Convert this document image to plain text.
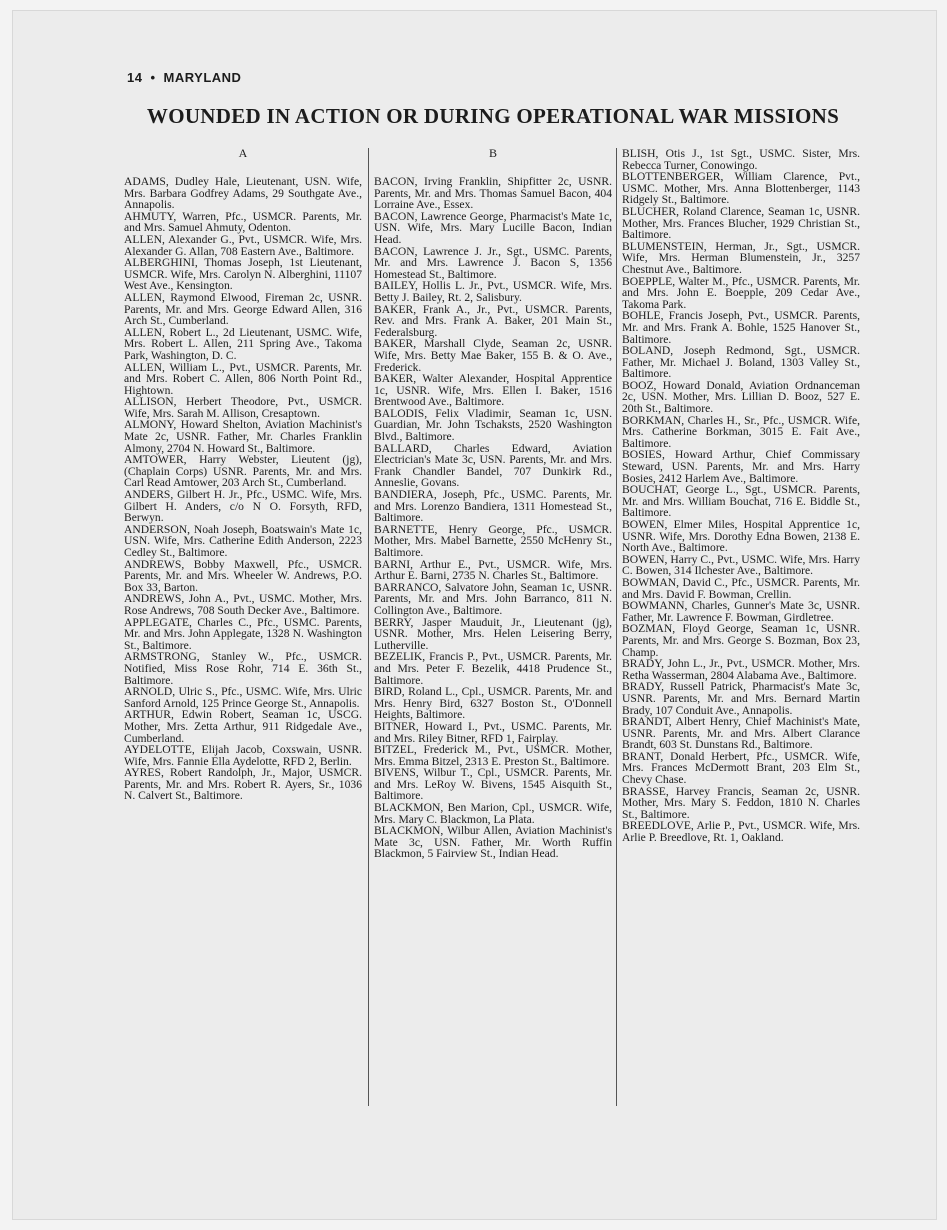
14 • MARYLAND
WOUNDED IN ACTION OR DURING OPERATIONAL WAR MISSIONS
A
ADAMS, Dudley Hale, Lieutenant, USN. Wife, Mrs. Barbara Godfrey Adams, 29 Southgate Ave., Annapolis.
AHMUTY, Warren, Pfc., USMCR. Parents, Mr. and Mrs. Samuel Ahmuty, Odenton.
ALLEN, Alexander G., Pvt., USMCR. Wife, Mrs. Alexander G. Allan, 708 Eastern Ave., Baltimore.
ALBERGHINI, Thomas Joseph, 1st Lieutenant, USMCR. Wife, Mrs. Carolyn N. Alberghini, 11107 West Ave., Kensington.
ALLEN, Raymond Elwood, Fireman 2c, USNR. Parents, Mr. and Mrs. George Edward Allen, 316 Arch St., Cumberland.
ALLEN, Robert L., 2d Lieutenant, USMC. Wife, Mrs. Robert L. Allen, 211 Spring Ave., Takoma Park, Washington, D. C.
ALLEN, William L., Pvt., USMCR. Parents, Mr. and Mrs. Robert C. Allen, 806 North Point Rd., Hightown.
ALLISON, Herbert Theodore, Pvt., USMCR. Wife, Mrs. Sarah M. Allison, Cresaptown.
ALMONY, Howard Shelton, Aviation Machinist's Mate 2c, USNR. Father, Mr. Charles Franklin Almony, 2704 N. Howard St., Baltimore.
AMTOWER, Harry Webster, Lieutent (jg), (Chaplain Corps) USNR. Parents, Mr. and Mrs. Carl Read Amtower, 203 Arch St., Cumberland.
ANDERS, Gilbert H. Jr., Pfc., USMC. Wife, Mrs. Gilbert H. Anders, c/o N O. Forsyth, RFD, Berwyn.
ANDERSON, Noah Joseph, Boatswain's Mate 1c, USN. Wife, Mrs. Catherine Edith Anderson, 2223 Cedley St., Baltimore.
ANDREWS, Bobby Maxwell, Pfc., USMCR. Parents, Mr. and Mrs. Wheeler W. Andrews, P.O. Box 33, Barton.
ANDREWS, John A., Pvt., USMC. Mother, Mrs. Rose Andrews, 708 South Decker Ave., Baltimore.
APPLEGATE, Charles C., Pfc., USMC. Parents, Mr. and Mrs. John Applegate, 1328 N. Washington St., Baltimore.
ARMSTRONG, Stanley W., Pfc., USMCR. Notified, Miss Rose Rohr, 714 E. 36th St., Baltimore.
ARNOLD, Ulric S., Pfc., USMC. Wife, Mrs. Ulric Sanford Arnold, 125 Prince George St., Annapolis.
ARTHUR, Edwin Robert, Seaman 1c, USCG. Mother, Mrs. Zetta Arthur, 911 Ridgedale Ave., Cumberland.
AYDELOTTE, Elijah Jacob, Coxswain, USNR. Wife, Mrs. Fannie Ella Aydelotte, RFD 2, Berlin.
AYRES, Robert Randolph, Jr., Major, USMCR. Parents, Mr. and Mrs. Robert R. Ayers, Sr., 1036 N. Calvert St., Baltimore.
B
BACON, Irving Franklin, Shipfitter 2c, USNR. Parents, Mr. and Mrs. Thomas Samuel Bacon, 404 Lorraine Ave., Essex.
BACON, Lawrence George, Pharmacist's Mate 1c, USN. Wife, Mrs. Mary Lucille Bacon, Indian Head.
BACON, Lawrence J. Jr., Sgt., USMC. Parents, Mr. and Mrs. Lawrence J. Bacon S, 1356 Homestead St., Baltimore.
BAILEY, Hollis L. Jr., Pvt., USMCR. Wife, Mrs. Betty J. Bailey, Rt. 2, Salisbury.
BAKER, Frank A., Jr., Pvt., USMCR. Parents, Rev. and Mrs. Frank A. Baker, 201 Main St., Federalsburg.
BAKER, Marshall Clyde, Seaman 2c, USNR. Wife, Mrs. Betty Mae Baker, 155 B. & O. Ave., Frederick.
BAKER, Walter Alexander, Hospital Apprentice 1c, USNR. Wife, Mrs. Ellen I. Baker, 1516 Brentwood Ave., Baltimore.
BALODIS, Felix Vladimir, Seaman 1c, USN. Guardian, Mr. John Tschaksts, 2520 Washington Blvd., Baltimore.
BALLARD, Charles Edward, Aviation Electrician's Mate 3c, USN. Parents, Mr. and Mrs. Frank Chandler Bandel, 707 Dunkirk Rd., Anneslie, Govans.
BANDIERA, Joseph, Pfc., USMC. Parents, Mr. and Mrs. Lorenzo Bandiera, 1311 Homestead St., Baltimore.
BARNETTE, Henry George, Pfc., USMCR. Mother, Mrs. Mabel Barnette, 2550 McHenry St., Baltimore.
BARNI, Arthur E., Pvt., USMCR. Wife, Mrs. Arthur E. Barni, 2735 N. Charles St., Baltimore.
BARRANCO, Salvatore John, Seaman 1c, USNR. Parents, Mr. and Mrs. John Barranco, 811 N. Collington Ave., Baltimore.
BERRY, Jasper Mauduit, Jr., Lieutenant (jg), USNR. Mother, Mrs. Helen Leisering Berry, Lutherville.
BEZELIK, Francis P., Pvt., USMCR. Parents, Mr. and Mrs. Peter F. Bezelik, 4418 Prudence St., Baltimore.
BIRD, Roland L., Cpl., USMCR. Parents, Mr. and Mrs. Henry Bird, 6327 Boston St., O'Donnell Heights, Baltimore.
BITNER, Howard I., Pvt., USMC. Parents, Mr. and Mrs. Riley Bitner, RFD 1, Fairplay.
BITZEL, Frederick M., Pvt., USMCR. Mother, Mrs. Emma Bitzel, 2313 E. Preston St., Baltimore.
BIVENS, Wilbur T., Cpl., USMCR. Parents, Mr. and Mrs. LeRoy W. Bivens, 1545 Aisquith St., Baltimore.
BLACKMON, Ben Marion, Cpl., USMCR. Wife, Mrs. Mary C. Blackmon, La Plata.
BLACKMON, Wilbur Allen, Aviation Machinist's Mate 3c, USN. Father, Mr. Worth Ruffin Blackmon, 5 Fairview St., Indian Head.
BLISH, Otis J., 1st Sgt., USMC. Sister, Mrs. Rebecca Turner, Conowingo.
BLOTTENBERGER, William Clarence, Pvt., USMC. Mother, Mrs. Anna Blottenberger, 1143 Ridgely St., Baltimore.
BLUCHER, Roland Clarence, Seaman 1c, USNR. Mother, Mrs. Frances Blucher, 1929 Christian St., Baltimore.
BLUMENSTEIN, Herman, Jr., Sgt., USMCR. Wife, Mrs. Herman Blumenstein, Jr., 3257 Chestnut Ave., Baltimore.
BOEPPLE, Walter M., Pfc., USMCR. Parents, Mr. and Mrs. John E. Boepple, 209 Cedar Ave., Takoma Park.
BOHLE, Francis Joseph, Pvt., USMCR. Parents, Mr. and Mrs. Frank A. Bohle, 1525 Hanover St., Baltimore.
BOLAND, Joseph Redmond, Sgt., USMCR. Father, Mr. Michael J. Boland, 1303 Valley St., Baltimore.
BOOZ, Howard Donald, Aviation Ordnanceman 2c, USN. Mother, Mrs. Lillian D. Booz, 527 E. 20th St., Baltimore.
BORKMAN, Charles H., Sr., Pfc., USMCR. Wife, Mrs. Catherine Borkman, 3015 E. Fait Ave., Baltimore.
BOSIES, Howard Arthur, Chief Commissary Steward, USN. Parents, Mr. and Mrs. Harry Bosies, 2412 Harlem Ave., Baltimore.
BOUCHAT, George L., Sgt., USMCR. Parents, Mr. and Mrs. William Bouchat, 716 E. Biddle St., Baltimore.
BOWEN, Elmer Miles, Hospital Apprentice 1c, USNR. Wife, Mrs. Dorothy Edna Bowen, 2138 E. North Ave., Baltimore.
BOWEN, Harry C., Pvt., USMC. Wife, Mrs. Harry C. Bowen, 314 Ilchester Ave., Baltimore.
BOWMAN, David C., Pfc., USMCR. Parents, Mr. and Mrs. David F. Bowman, Crellin.
BOWMANN, Charles, Gunner's Mate 3c, USNR. Father, Mr. Lawrence F. Bowman, Girdletree.
BOZMAN, Floyd George, Seaman 1c, USNR. Parents, Mr. and Mrs. George S. Bozman, Box 23, Champ.
BRADY, John L., Jr., Pvt., USMCR. Mother, Mrs. Retha Wasserman, 2804 Alabama Ave., Baltimore.
BRADY, Russell Patrick, Pharmacist's Mate 3c, USNR. Parents, Mr. and Mrs. Bernard Martin Brady, 107 Conduit Ave., Annapolis.
BRANDT, Albert Henry, Chief Machinist's Mate, USNR. Parents, Mr. and Mrs. Albert Clarance Brandt, 603 St. Dunstans Rd., Baltimore.
BRANT, Donald Herbert, Pfc., USMCR. Wife, Mrs. Frances McDermott Brant, 203 Elm St., Chevy Chase.
BRASSE, Harvey Francis, Seaman 2c, USNR. Mother, Mrs. Mary S. Feddon, 1810 N. Charles St., Baltimore.
BREEDLOVE, Arlie P., Pvt., USMCR. Wife, Mrs. Arlie P. Breedlove, Rt. 1, Oakland.
